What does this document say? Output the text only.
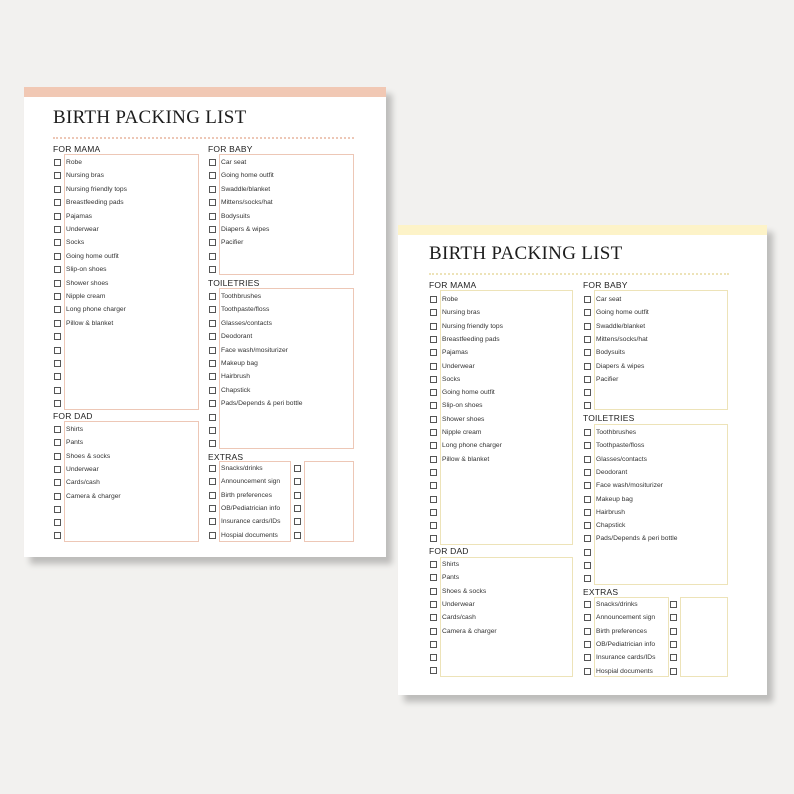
BIRTH PACKING LIST
FOR MAMA
Robe
Nursing bras
Nursing friendly tops
Breastfeeding pads
Pajamas
Underwear
Socks
Going home outfit
Slip-on shoes
Shower shoes
Nipple cream
Long phone charger
Pillow & blanket
FOR DAD
Shirts
Pants
Shoes & socks
Underwear
Cards/cash
Camera & charger
FOR BABY
Car seat
Going home outfit
Swaddle/blanket
Mittens/socks/hat
Bodysuits
Diapers & wipes
Pacifier
TOILETRIES
Toothbrushes
Toothpaste/floss
Glasses/contacts
Deodorant
Face wash/mositurizer
Makeup bag
Hairbrush
Chapstick
Pads/Depends & peri bottle
EXTRAS
Snacks/drinks
Announcement sign
Birth preferences
OB/Pediatrician info
Insurance cards/IDs
Hospial documents
BIRTH PACKING LIST
FOR MAMA
Robe
Nursing bras
Nursing friendly tops
Breastfeeding pads
Pajamas
Underwear
Socks
Going home outfit
Slip-on shoes
Shower shoes
Nipple cream
Long phone charger
Pillow & blanket
FOR DAD
Shirts
Pants
Shoes & socks
Underwear
Cards/cash
Camera & charger
FOR BABY
Car seat
Going home outfit
Swaddle/blanket
Mittens/socks/hat
Bodysuits
Diapers & wipes
Pacifier
TOILETRIES
Toothbrushes
Toothpaste/floss
Glasses/contacts
Deodorant
Face wash/mositurizer
Makeup bag
Hairbrush
Chapstick
Pads/Depends & peri bottle
EXTRAS
Snacks/drinks
Announcement sign
Birth preferences
OB/Pediatrician info
Insurance cards/IDs
Hospial documents
